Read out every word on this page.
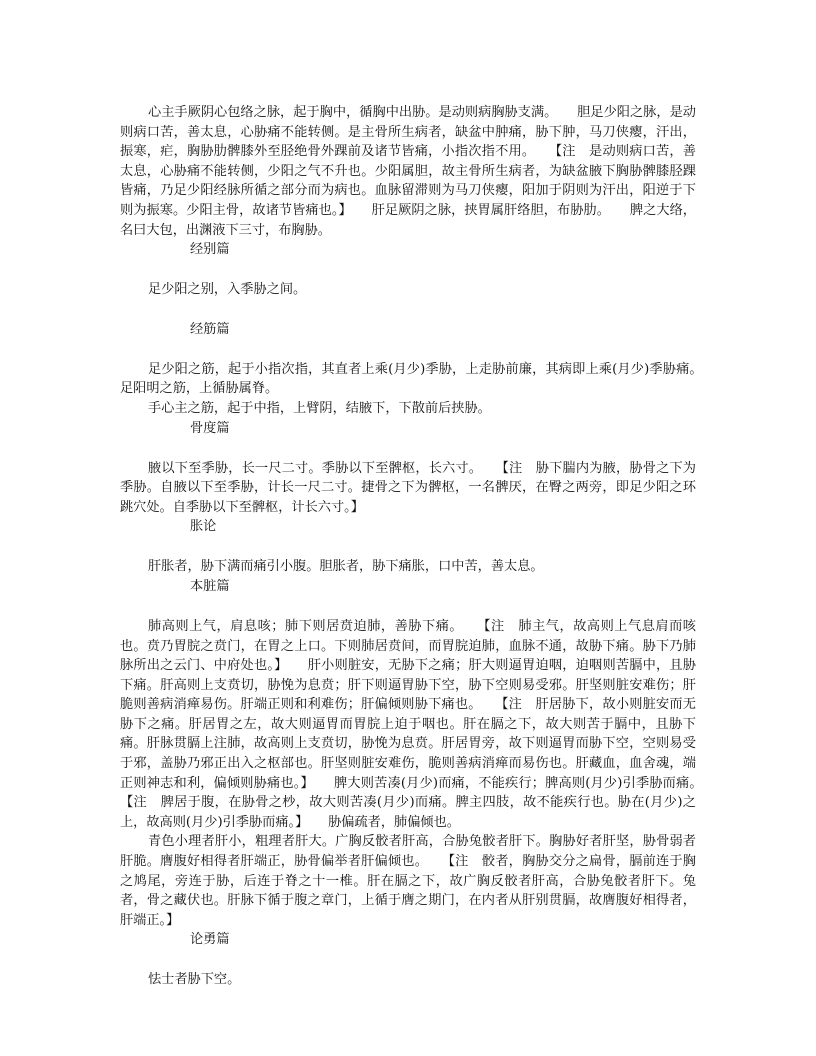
心主手厥阴心包络之脉，起于胸中，循胸中出胁。是动则病胸胁支满。　　胆足少阳之脉，是动则病口苦，善太息，心胁痛不能转侧。是主骨所生病者，缺盆中肿痛，胁下肿，马刀侠瘿，汗出，振寒，疟，胸胁肋髀膝外至胫绝骨外踝前及诸节皆痛，小指次指不用。　　【注　是动则病口苦，善太息，心胁痛不能转侧，少阳之气不升也。少阳属胆，故主骨所生病者，为缺盆腋下胸胁髀膝胫踝皆痛，乃足少阳经脉所循之部分而为病也。血脉留滞则为马刀侠瘿，阳加于阴则为汗出，阳逆于下则为振寒。少阳主骨，故诸节皆痛也。】　　肝足厥阴之脉，挟胃属肝络胆，布胁肋。　　脾之大络，名曰大包，出渊液下三寸，布胸胁。

经别篇

足少阳之别，入季胁之间。

经筋篇

足少阳之筋，起于小指次指，其直者上乘(月少)季胁，上走胁前廉，其病即上乘(月少)季胁痛。　　足阳明之筋，上循胁属脊。

手心主之筋，起于中指，上臂阴，结腋下，下散前后挟胁。

骨度篇

腋以下至季胁，长一尺二寸。季胁以下至髀枢，长六寸。　　【注　胁下腨内为腋，胁骨之下为季胁。自腋以下至季胁，计长一尺二寸。捷骨之下为髀枢，一名髀厌，在臀之两旁，即足少阳之环跳穴处。自季胁以下至髀枢，计长六寸。】

胀论

肝胀者，胁下满而痛引小腹。胆胀者，胁下痛胀，口中苦，善太息。

本脏篇

肺高则上气，肩息咳；肺下则居贲迫肺，善胁下痛。　　【注　肺主气，故高则上气息肩而咳也。贲乃胃脘之贲门，在胃之上口。下则肺居贲间，而胃脘迫肺，血脉不通，故胁下痛。胁下乃肺脉所出之云门、中府处也。】　　肝小则脏安，无胁下之痛；肝大则逼胃迫咽，迫咽则苦膈中，且胁下痛。肝高则上支贲切，胁悗为息贲；肝下则逼胃胁下空，胁下空则易受邪。肝坚则脏安难伤；肝脆则善病消瘅易伤。肝端正则和利难伤；肝偏倾则胁下痛也。　　【注　肝居胁下，故小则脏安而无胁下之痛。肝居胃之左，故大则逼胃而胃脘上迫于咽也。肝在膈之下，故大则苦于膈中，且胁下痛。肝脉贯膈上注肺，故高则上支贲切，胁悗为息贲。肝居胃旁，故下则逼胃而胁下空，空则易受于邪，盖胁乃邪正出入之枢部也。肝坚则脏安难伤，脆则善病消瘅而易伤也。肝藏血，血舍魂，端正则神志和利，偏倾则胁痛也。】　　脾大则苦凑(月少)而痛，不能疾行；脾高则(月少)引季胁而痛。　　【注　脾居于腹，在胁骨之杪，故大则苦凑(月少)而痛。脾主四肢，故不能疾行也。胁在(月少)之上，故高则(月少)引季胁而痛。】　　胁偏疏者，肺偏倾也。

青色小理者肝小，粗理者肝大。广胸反骹者肝高，合胁兔骹者肝下。胸胁好者肝坚，胁骨弱者肝脆。膺腹好相得者肝端正，胁骨偏举者肝偏倾也。　　【注　骹者，胸胁交分之扁骨，膈前连于胸之鸠尾，旁连于胁，后连于脊之十一椎。肝在膈之下，故广胸反骹者肝高，合胁兔骹者肝下。兔者，骨之藏伏也。肝脉下循于腹之章门，上循于膺之期门，在内者从肝别贯膈，故膺腹好相得者，肝端正。】

论勇篇

怯士者胁下空。
